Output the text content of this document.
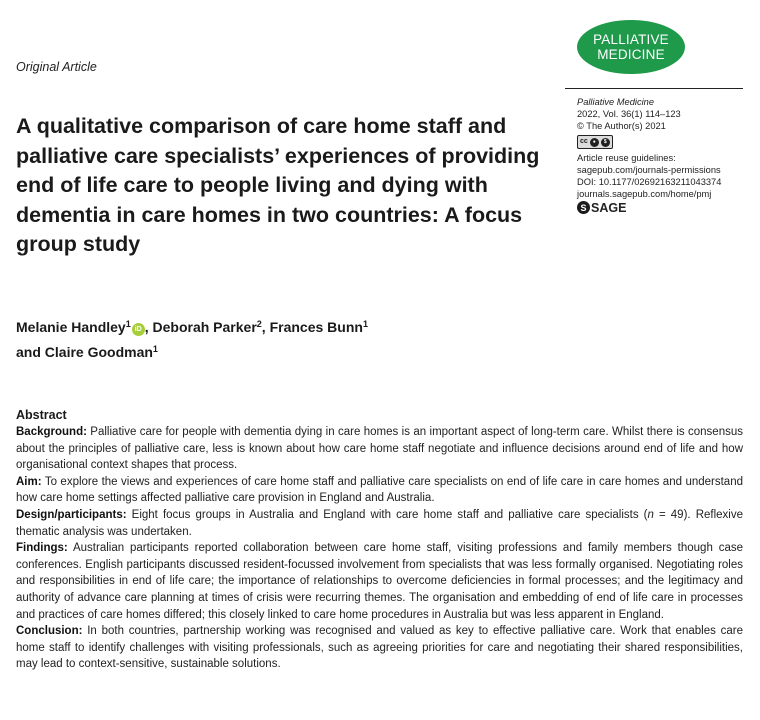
PALLIATIVE
MEDICINE
Original Article
Palliative Medicine
2022, Vol. 36(1) 114–123
© The Author(s) 2021
cc ●	$
Article reuse guidelines:
sagepub.com/journals-permissions
DOI: 10.1177/02692163211043374
journals.sagepub.com/home/pmj
S SAGE
A qualitative comparison of care home staff and palliative care specialists’ experiences of providing end of life care to people living and dying with dementia in care homes in two countries: A focus group study
Melanie Handley$^1$iD , Deborah Parker$^2$, Frances Bunn$^1$
and Claire Goodman$^1$
Abstract

Background: Palliative care for people with dementia dying in care homes is an important aspect of long-term care. Whilst there is consensus about the principles of palliative care, less is known about how care home staff negotiate and influence decisions around end of life and how organisational context shapes that process.

Aim: To explore the views and experiences of care home staff and palliative care specialists on end of life care in care homes and understand how care home settings affected palliative care provision in England and Australia.

Design/participants: Eight focus groups in Australia and England with care home staff and palliative care specialists (n = 49). Reflexive thematic analysis was undertaken.

Findings: Australian participants reported collaboration between care home staff, visiting professions and family members though case conferences. English participants discussed resident-focussed involvement from specialists that was less formally organised. Negotiating roles and responsibilities in end of life care; the importance of relationships to overcome deficiencies in formal processes; and the legitimacy and authority of advance care planning at times of crisis were recurring themes. The organisation and embedding of end of life care in processes and practices of care homes differed; this closely linked to care home procedures in Australia but was less apparent in England.

Conclusion: In both countries, partnership working was recognised and valued as key to effective palliative care. Work that enables care home staff to identify challenges with visiting professionals, such as agreeing priorities for care and negotiating their shared responsibilities, may lead to context-sensitive, sustainable solutions.
